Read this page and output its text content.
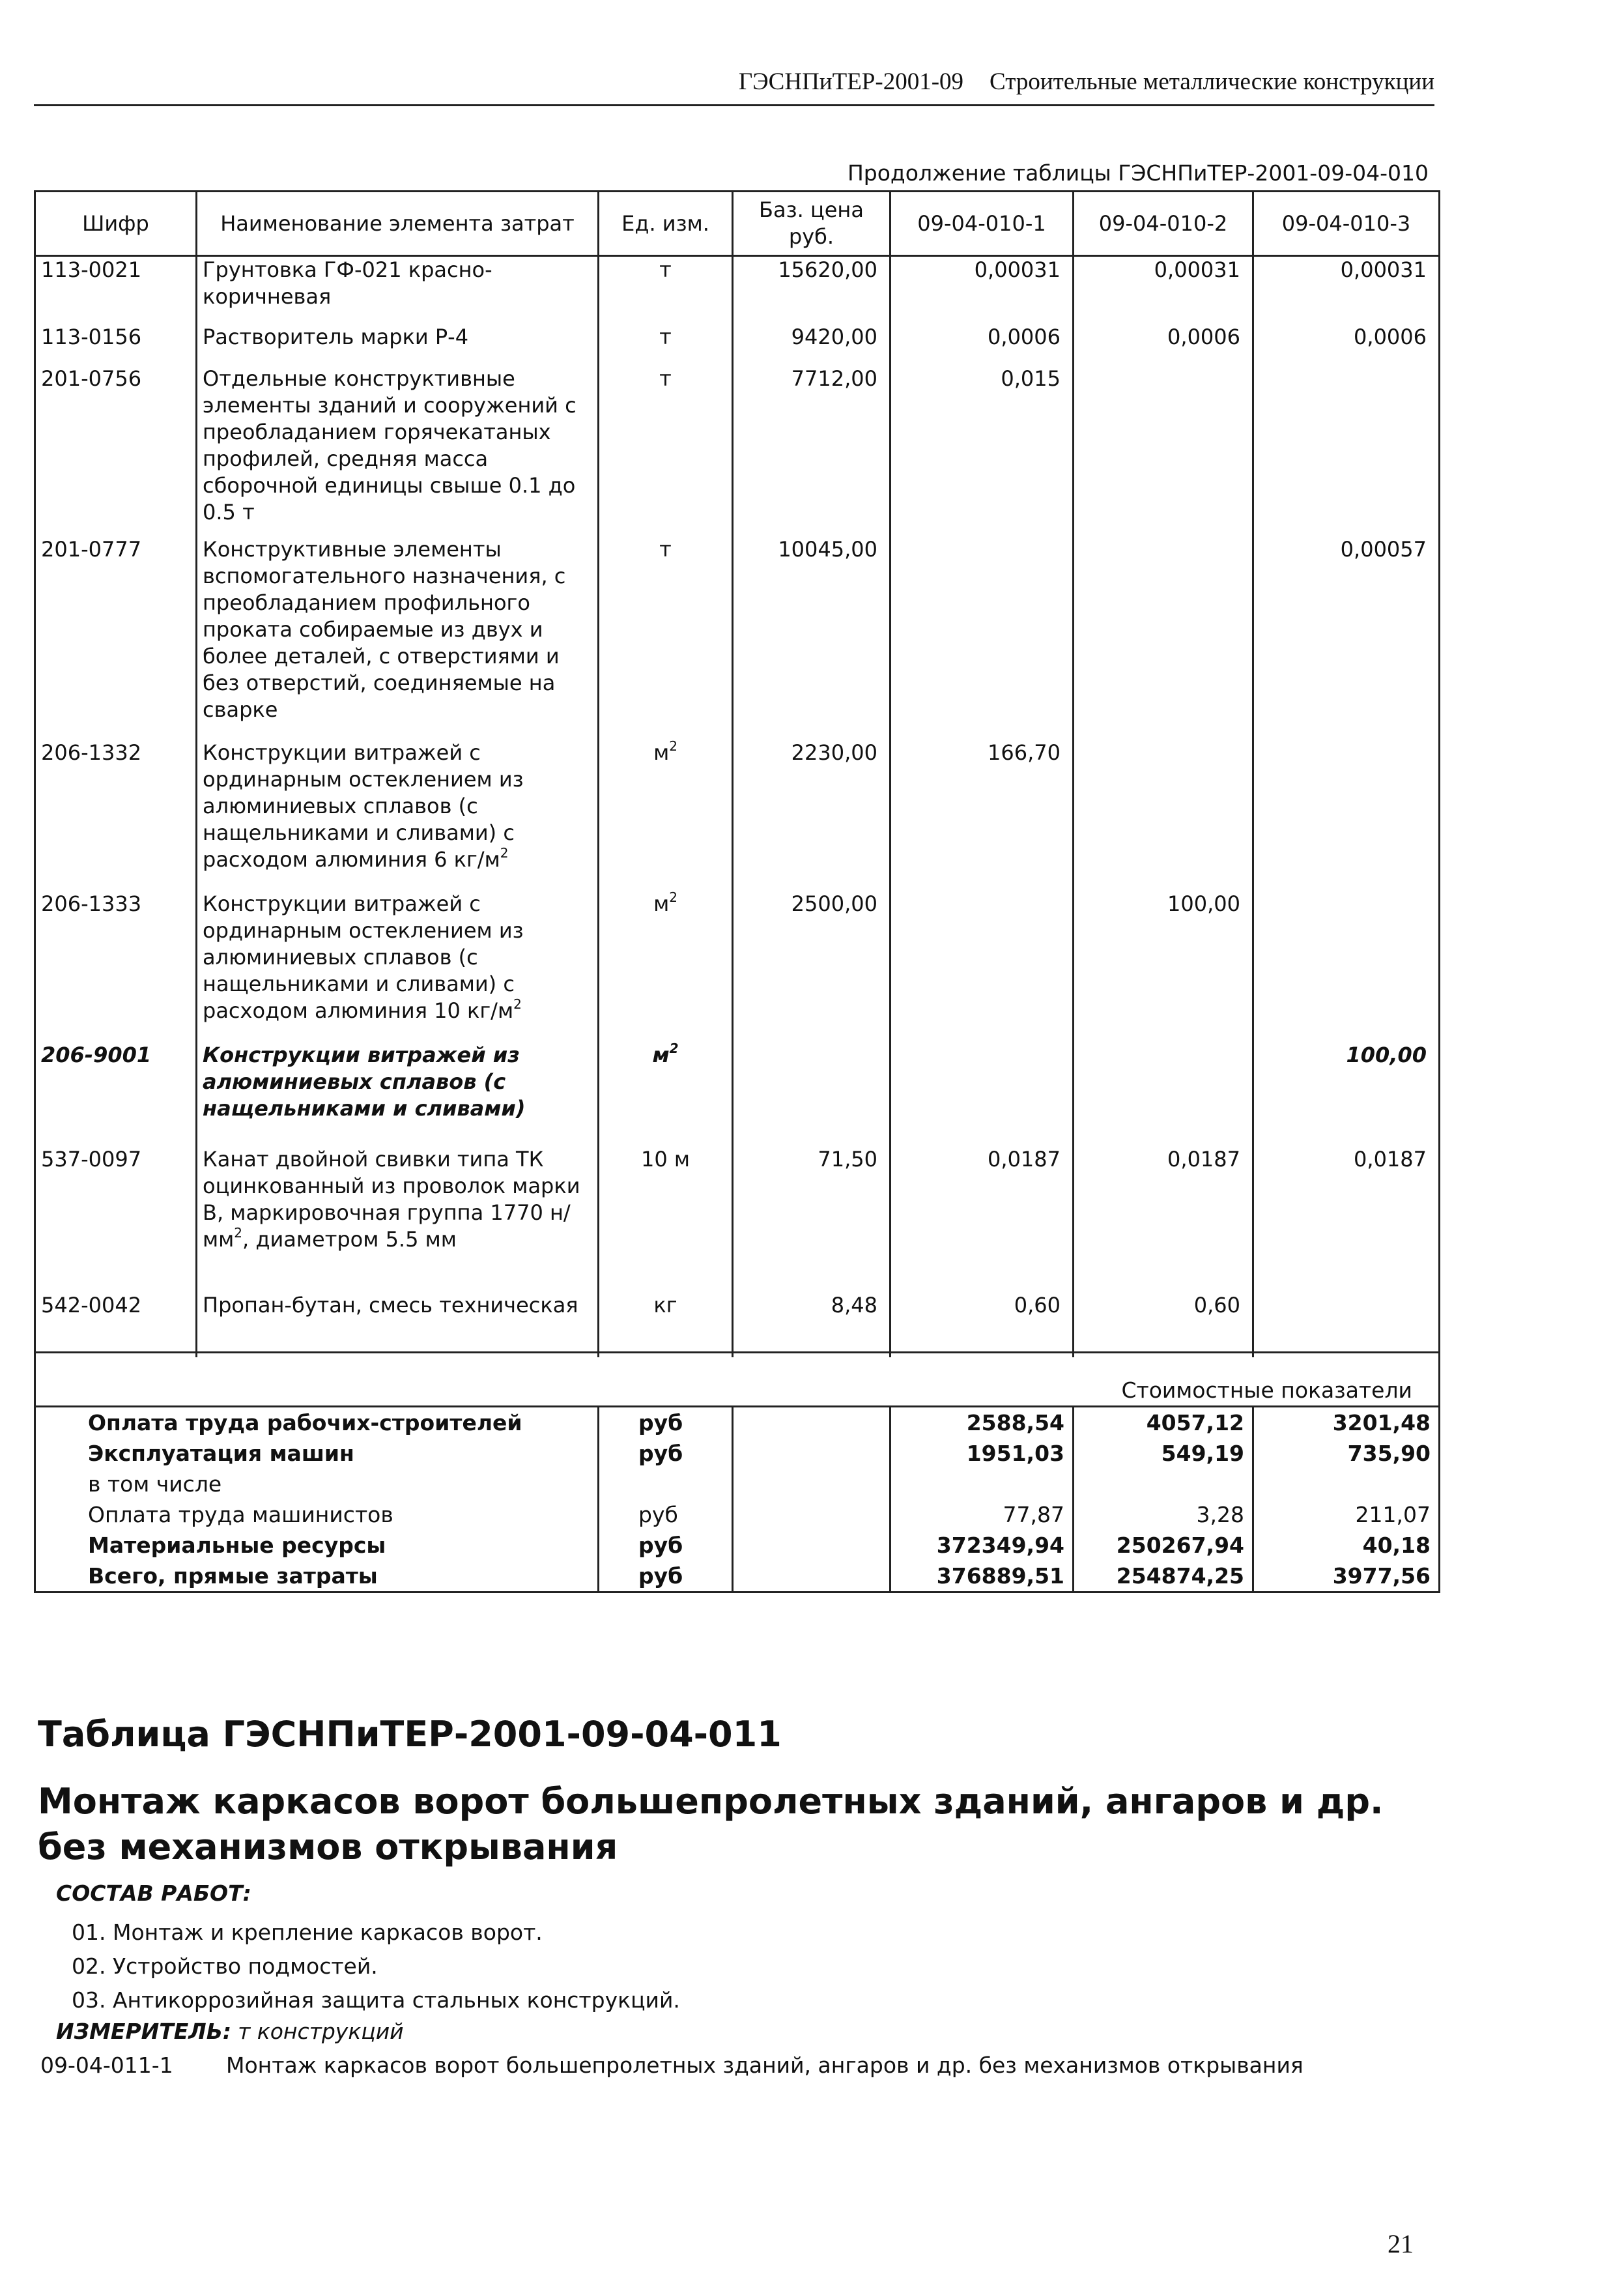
ГЭСНПиТЕР-2001-09 Строительные металлические конструкции
Продолжение таблицы ГЭСНПиТЕР-2001-09-04-010
Шифр	Наименование элемента затрат	Ед. изм.	Баз. цена руб.	09-04-010-1	09-04-010-2	09-04-010-3
113-0021	Грунтовка ГФ-021 красно-коричневая	т	15620,00	0,00031	0,00031	0,00031
113-0156	Растворитель марки Р-4	т	9420,00	0,0006	0,0006	0,0006
201-0756	Отдельные конструктивные элементы зданий и сооружений с преобладанием горячекатаных профилей, средняя масса сборочной единицы свыше 0.1 до 0.5 т	т	7712,00	0,015		
201-0777	Конструктивные элементы вспомогательного назначения, с преобладанием профильного проката собираемые из двух и более деталей, с отверстиями и без отверстий, соединяемые на сварке	т	10045,00			0,00057
206-1332	Конструкции витражей с ординарным остеклением из алюминиевых сплавов (с нащельниками и сливами) с расходом алюминия 6 $кг/м^2$	$м^2$	2230,00	166,70		
206-1333	Конструкции витражей с ординарным остеклением из алюминиевых сплавов (с нащельниками и сливами) с расходом алюминия 10 $кг/м^2$	$м^2$	2500,00		100,00	
206-9001	Конструкции витражей из алюминиевых сплавов (с нащельниками и сливами)	$м^2$				100,00
537-0097	Канат двойной свивки типа ТК оцинкованный из проволок марки В, маркировочная группа 1770 $н/мм^2$, диаметром 5.5 мм	10 м	71,50	0,0187	0,0187	0,0187
542-0042	Пропан-бутан, смесь техническая	кг	8,48	0,60	0,60	
Стоимостные показатели					
Оплата труда рабочих-строителей	руб		2588,54	4057,12	3201,48
Эксплуатация машин	руб		1951,03	549,19	735,90
в том числе					
Оплата труда машинистов	руб		77,87	3,28	211,07
Материальные ресурсы	руб		372349,94	250267,94	40,18
Всего, прямые затраты	руб		376889,51	254874,25	3977,56
Таблица ГЭСНПиТЕР-2001-09-04-011
Монтаж каркасов ворот большепролетных зданий, ангаров и др. без механизмов открывания
СОСТАВ РАБОТ:
01. Монтаж и крепление каркасов ворот.
02. Устройство подмостей.
03. Антикоррозийная защита стальных конструкций.
ИЗМЕРИТЕЛЬ: т конструкций
09-04-011-1 Монтаж каркасов ворот большепролетных зданий, ангаров и др. без механизмов открывания
21
